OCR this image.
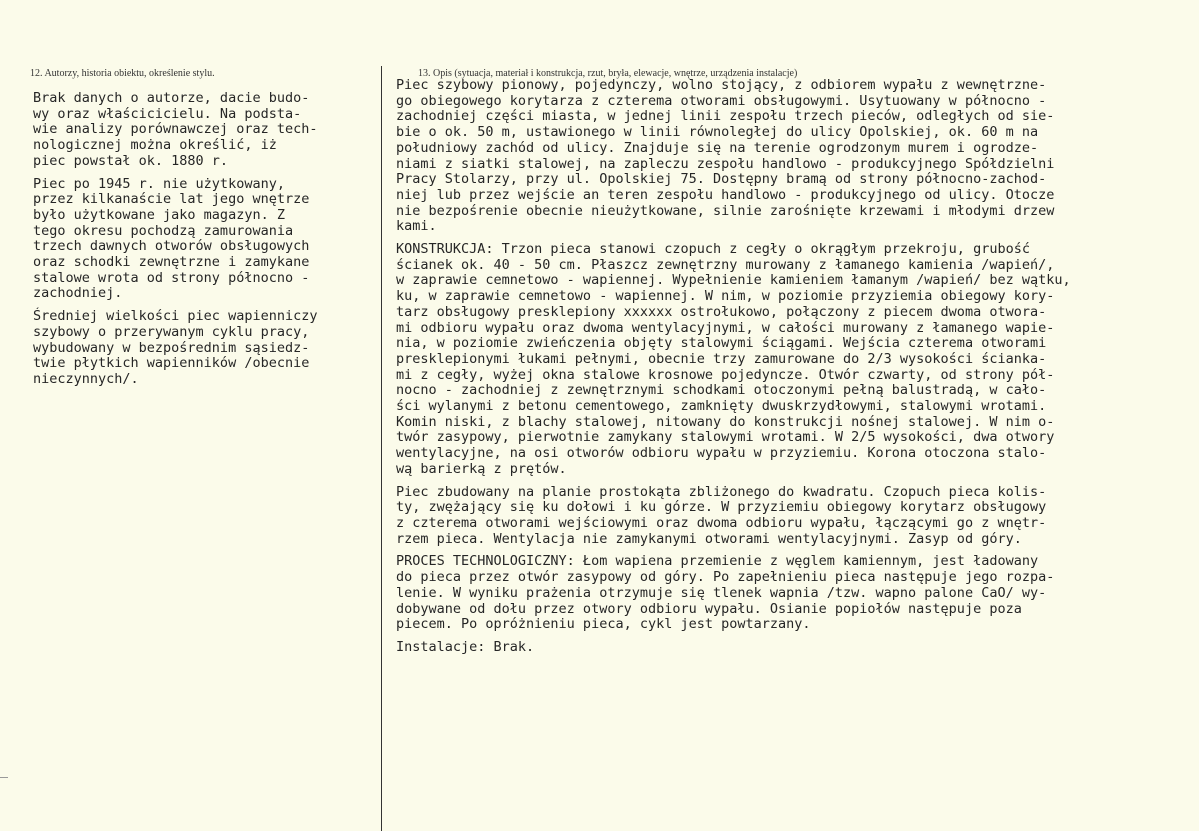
12. Autorzy, historia obiektu, określenie stylu.	13. Opis (sytuacja, materiał i konstrukcja, rzut, bryła, elewacje, wnętrze, urządzenia instalacje)
Brak danych o autorze, dacie budo-
wy oraz właścicicielu. Na podsta-
wie analizy porównawczej oraz tech-
nologicznej można określić, iż
piec powstał ok. 1880 r.
Piec po 1945 r. nie użytkowany,
przez kilkanaście lat jego wnętrze
było użytkowane jako magazyn. Z
tego okresu pochodzą zamurowania
trzech dawnych otworów obsługowych
oraz schodki zewnętrzne i zamykane
stalowe wrota od strony północno -
zachodniej.
Średniej wielkości piec wapienniczy
szybowy o przerywanym cyklu pracy,
wybudowany w bezpośrednim sąsiedz-
twie płytkich wapienników /obecnie
nieczynnych/.
Piec szybowy pionowy, pojedynczy, wolno stojący, z odbiorem wypału z wewnętrzne-
go obiegowego korytarza z czterema otworami obsługowymi. Usytuowany w północno -
zachodniej części miasta, w jednej linii zespołu trzech pieców, odległych od sie-
bie o ok. 50 m, ustawionego w linii równoległej do ulicy Opolskiej, ok. 60 m na
południowy zachód od ulicy. Znajduje się na terenie ogrodzonym murem i ogrodze-
niami z siatki stalowej, na zapleczu zespołu handlowo - produkcyjnego Spółdzielni
Pracy Stolarzy, przy ul. Opolskiej 75. Dostępny bramą od strony północno-zachod-
niej lub przez wejście an teren zespołu handlowo - produkcyjnego od ulicy. Otocze
nie bezpośrenie obecnie nieużytkowane, silnie zarośnięte krzewami i młodymi drzew
kami.
KONSTRUKCJA: Trzon pieca stanowi czopuch z cegły o okrągłym przekroju, grubość
ścianek ok. 40 - 50 cm. Płaszcz zewnętrzny murowany z łamanego kamienia /wapień/,
w zaprawie cemnetowo - wapiennej. Wypełnienie kamieniem łamanym /wapień/ bez wątku,
ku, w zaprawie cemnetowo - wapiennej. W nim, w poziomie przyziemia obiegowy kory-
tarz obsługowy presklepiony xxxxxx ostrołukowo, połączony z piecem dwoma otwora-
mi odbioru wypału oraz dwoma wentylacyjnymi, w całości murowany z łamanego wapie-
nia, w poziomie zwieńczenia objęty stalowymi ściągami. Wejścia czterema otworami
presklepionymi łukami pełnymi, obecnie trzy zamurowane do 2/3 wysokości ścianka-
mi z cegły, wyżej okna stalowe krosnowe pojedyncze. Otwór czwarty, od strony pół-
nocno - zachodniej z zewnętrznymi schodkami otoczonymi pełną balustradą, w cało-
ści wylanymi z betonu cementowego, zamknięty dwuskrzydłowymi, stalowymi wrotami.
Komin niski, z blachy stalowej, nitowany do konstrukcji nośnej stalowej. W nim o-
twór zasypowy, pierwotnie zamykany stalowymi wrotami. W 2/5 wysokości, dwa otwory
wentylacyjne, na osi otworów odbioru wypału w przyziemiu. Korona otoczona stalo-
wą barierką z prętów.
Piec zbudowany na planie prostokąta zbliżonego do kwadratu. Czopuch pieca kolis-
ty, zwężający się ku dołowi i ku górze. W przyziemiu obiegowy korytarz obsługowy
z czterema otworami wejściowymi oraz dwoma odbioru wypału, łączącymi go z wnętr-
rzem pieca. Wentylacja nie zamykanymi otworami wentylacyjnymi. Zasyp od góry.
PROCES TECHNOLOGICZNY: Łom wapiena przemienie z węglem kamiennym, jest ładowany
do pieca przez otwór zasypowy od góry. Po zapełnieniu pieca następuje jego rozpa-
lenie. W wyniku prażenia otrzymuje się tlenek wapnia /tzw. wapno palone CaO/ wy-
dobywane od dołu przez otwory odbioru wypału. Osianie popiołów następuje poza
piecem. Po opróżnieniu pieca, cykl jest powtarzany.
Instalacje: Brak.
